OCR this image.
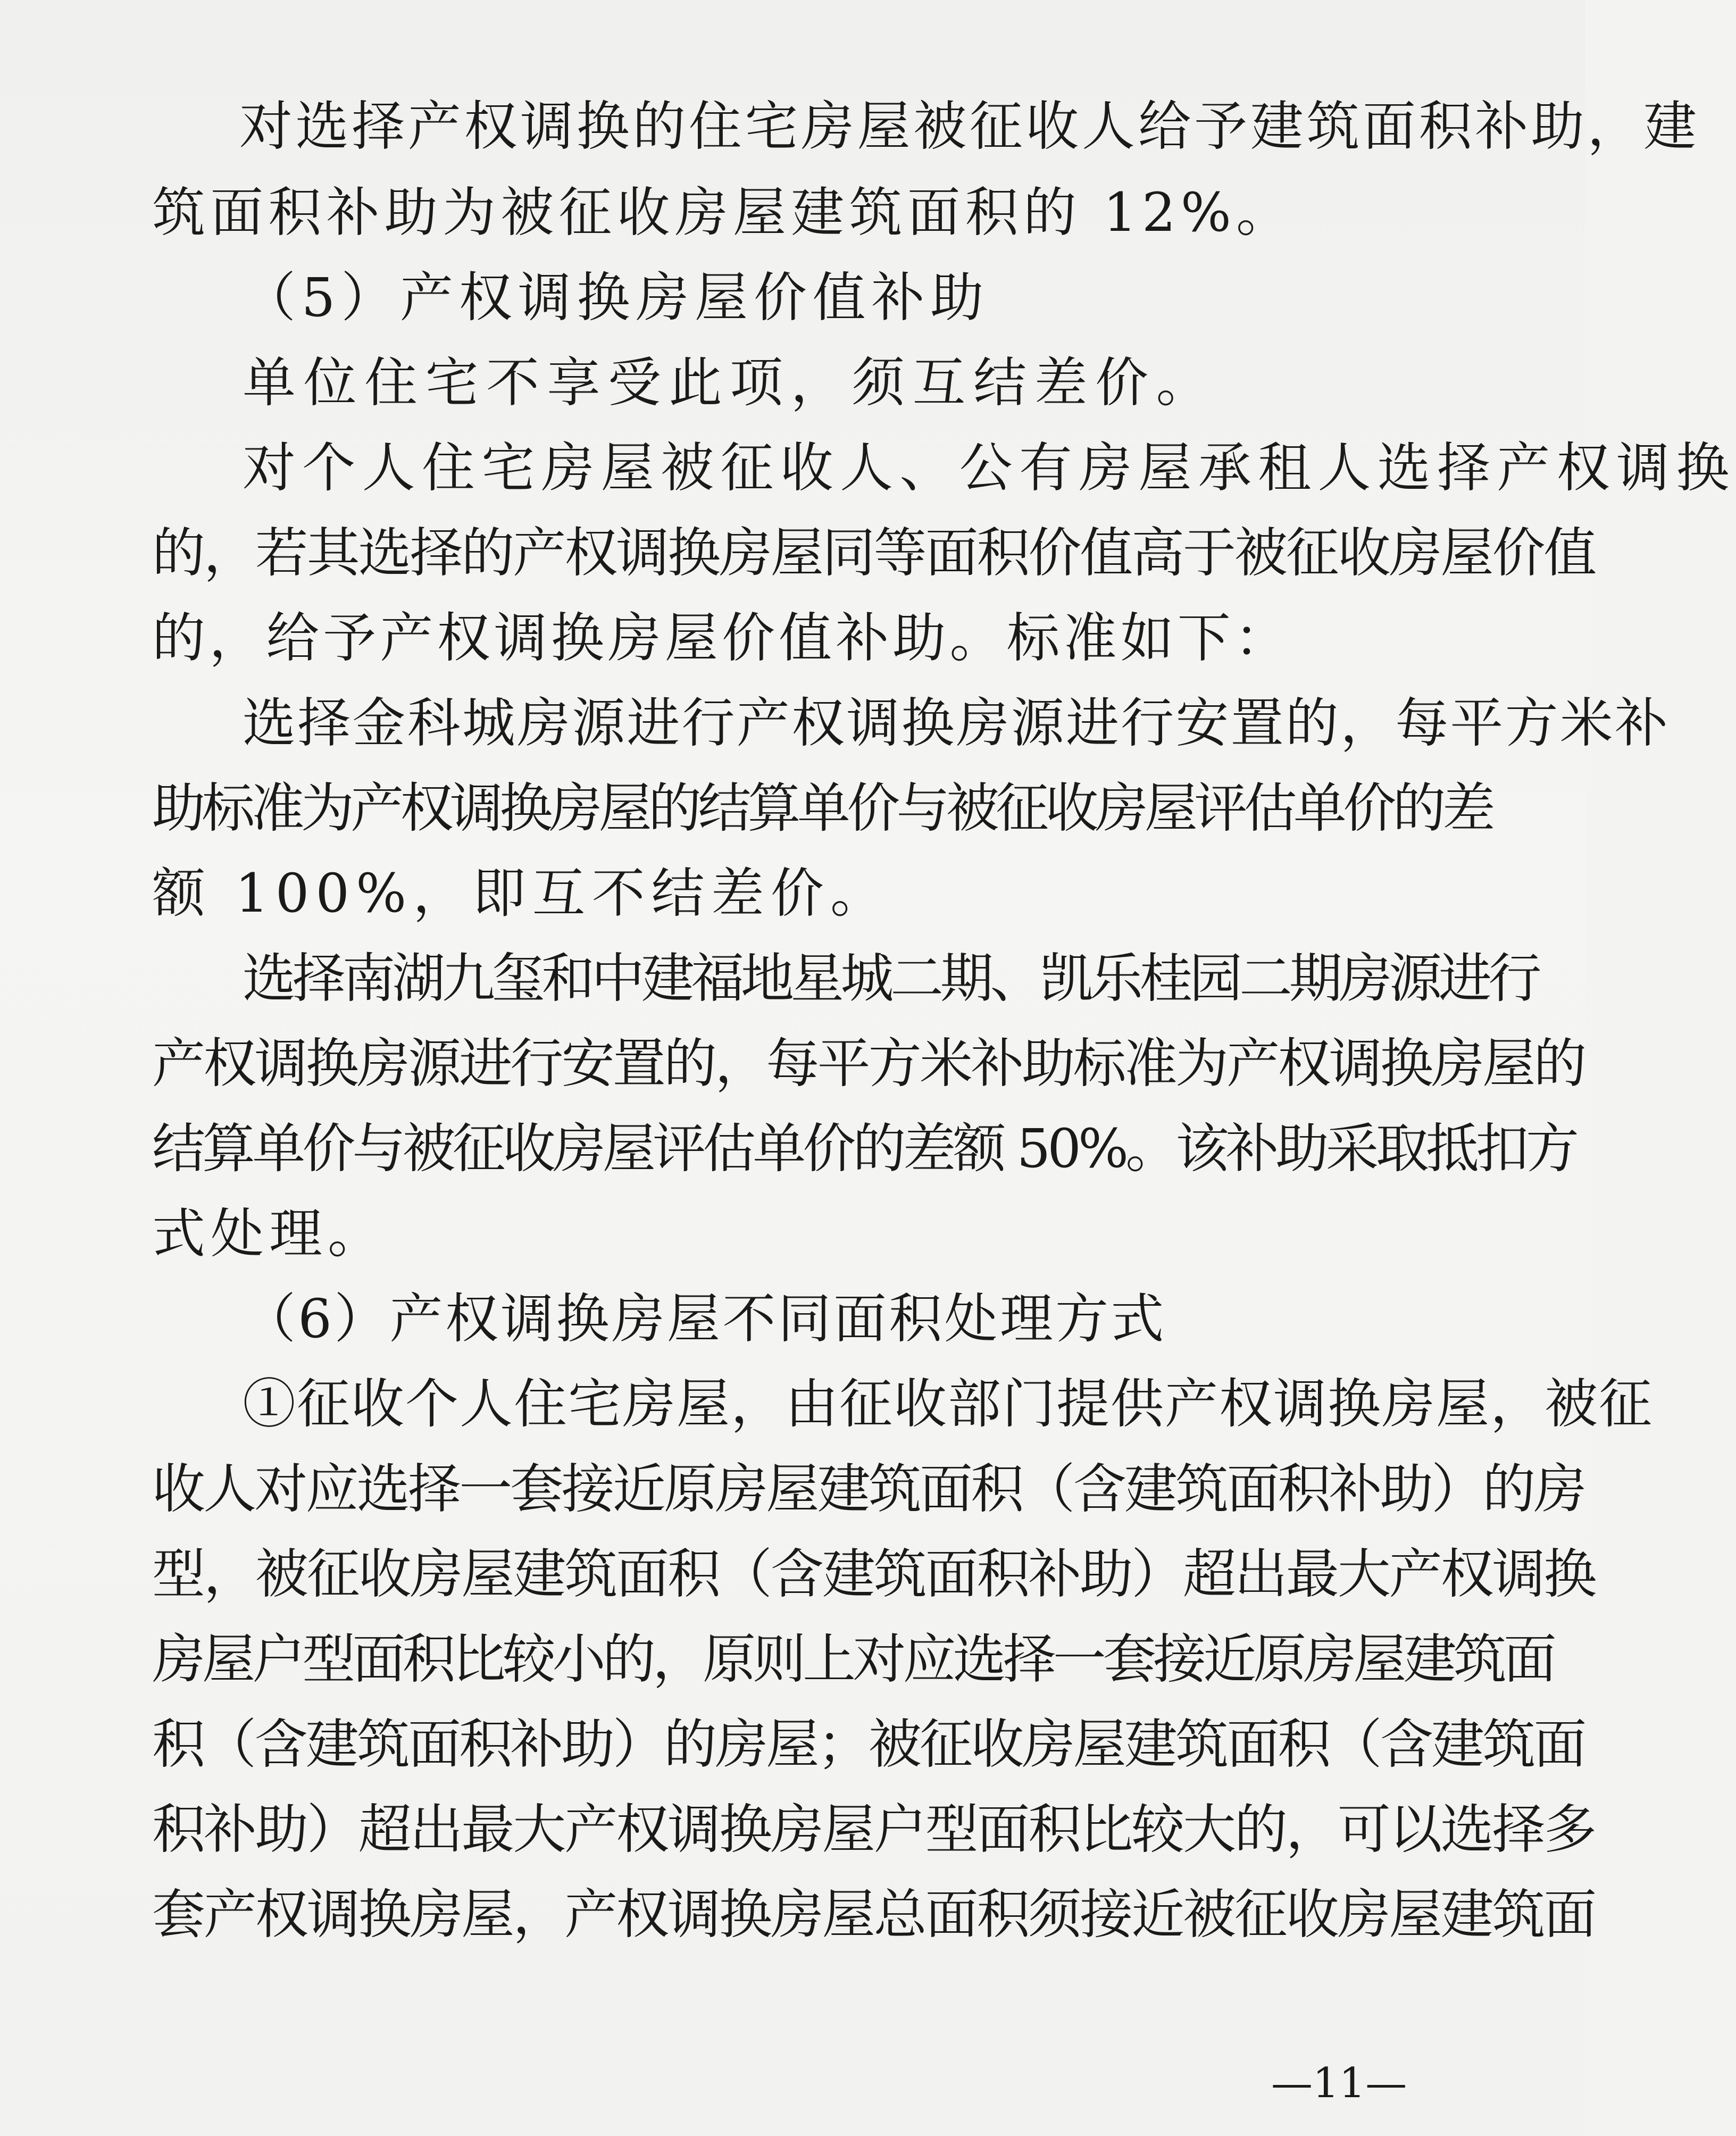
对选择产权调换的住宅房屋被征收人给予建筑面积补助，建
筑面积补助为被征收房屋建筑面积的 12%。
（5）产权调换房屋价值补助
单位住宅不享受此项，须互结差价。
对个人住宅房屋被征收人、公有房屋承租人选择产权调换
的，若其选择的产权调换房屋同等面积价值高于被征收房屋价值
的，给予产权调换房屋价值补助。标准如下：
选择金科城房源进行产权调换房源进行安置的，每平方米补
助标准为产权调换房屋的结算单价与被征收房屋评估单价的差
额 100%，即互不结差价。
选择南湖九玺和中建福地星城二期、凯乐桂园二期房源进行
产权调换房源进行安置的，每平方米补助标准为产权调换房屋的
结算单价与被征收房屋评估单价的差额 50%。该补助采取抵扣方
式处理。
（6）产权调换房屋不同面积处理方式
①征收个人住宅房屋，由征收部门提供产权调换房屋，被征
收人对应选择一套接近原房屋建筑面积（含建筑面积补助）的房
型，被征收房屋建筑面积（含建筑面积补助）超出最大产权调换
房屋户型面积比较小的，原则上对应选择一套接近原房屋建筑面
积（含建筑面积补助）的房屋；被征收房屋建筑面积（含建筑面
积补助）超出最大产权调换房屋户型面积比较大的，可以选择多
套产权调换房屋，产权调换房屋总面积须接近被征收房屋建筑面
—11—
